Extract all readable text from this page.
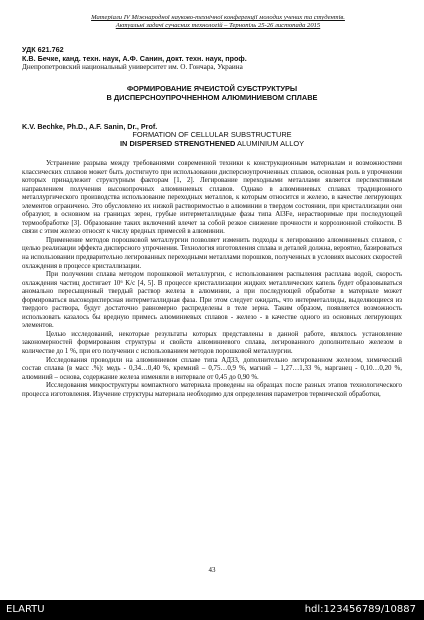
Матеріали IV Міжнародної науково-технічної конференції молодих учених та студентів.
Актуальні задачі сучасних технологій – Тернопіль 25-26 листопада 2015
УДК 621.762
К.В. Бечке, канд. техн. наук, А.Ф. Санин, докт. техн. наук, проф.
Днепропетровский национальный университет им. О. Гончара, Украина
ФОРМИРОВАНИЕ ЯЧЕИСТОЙ СУБСТРУКТУРЫ
В ДИСПЕРСНОУПРОЧНЕННОМ АЛЮМИНИЕВОМ СПЛАВЕ
K.V. Bechke, Ph.D., A.F. Sanin, Dr., Prof.
FORMATION OF CELLULAR SUBSTRUCTURE
IN DISPERSED STRENGTHENED ALUMINIUM ALLOY

Устранение разрыва между требованиями современной техники к конструкционным материалам и возможностями классических сплавов может быть достигнуто при использовании дисперсноупрочненных сплавов, основная роль в упрочнении которых принадлежит структурным факторам [1, 2]. Легирование переходными металлами является перспективным направлением получения высокопрочных алюминиевых сплавов. Однако в алюминиевых сплавах традиционного металлургического производства использование переходных металлов, к которым относится и железо, в качестве легирующих элементов ограничено. Это обусловлено их низкой растворимостью в алюминии в твердом состоянии, при кристаллизации они образуют, в основном на границах зерен, грубые интерметаллидные фазы типа Al3Fe, нерастворимые при последующей термообработке [3]. Образование таких включений влечет за собой резкое снижение прочности и коррозионной стойкости. В связи с этим железо относят к числу вредных примесей в алюминии.

Применение методов порошковой металлургии позволяет изменить подходы к легированию алюминиевых сплавов, с целью реализации эффекта дисперсного упрочнения. Технология изготовления сплава и деталей должна, вероятно, базироваться на использовании предварительно легированных переходными металлами порошков, полученных в условиях высоких скоростей охлаждения в процессе кристаллизации.

При получении сплава методом порошковой металлургии, с использованием распыления расплава водой, скорость охлаждения частиц достигает 10⁶ K/c [4, 5]. В процессе кристаллизации жидких металлических капель будет образовываться аномально пересыщенный твердый раствор железа в алюминии, а при последующей обработке в материале может формироваться высокодисперсная интерметаллидная фаза. При этом следует ожидать, что интерметаллиды, выделяющиеся из твердого раствора, будут достаточно равномерно распределены в теле зерна. Таким образом, появляется возможность использовать казалось бы вредную примесь алюминиевых сплавов - железо - в качестве одного из основных легирующих элементов.

Целью исследований, некоторые результаты которых представлены в данной работе, являлось установление закономерностей формирования структуры и свойств алюминиевого сплава, легированного дополнительно железом в количестве до 1 %, при его получении с использованием методов порошковой металлургии.

Исследования проводили на алюминиевом сплаве типа АД33, дополнительно легированном железом, химический состав сплава (в масс .%): медь - 0,34…0,40 %, кремний – 0,75…0,9 %, магний – 1,27…1,33 %, марганец - 0,10…0,20 %, алюминий – основа, содержание железа изменяли в интервале от 0,45 до 0,90 %.

Исследования микроструктуры компактного материала проведены на образцах после разных этапов технологического процесса изготовления. Изучение структуры материала необходимо для определения параметров термической обработки,

43
ELARTU	hdl:123456789/10887
